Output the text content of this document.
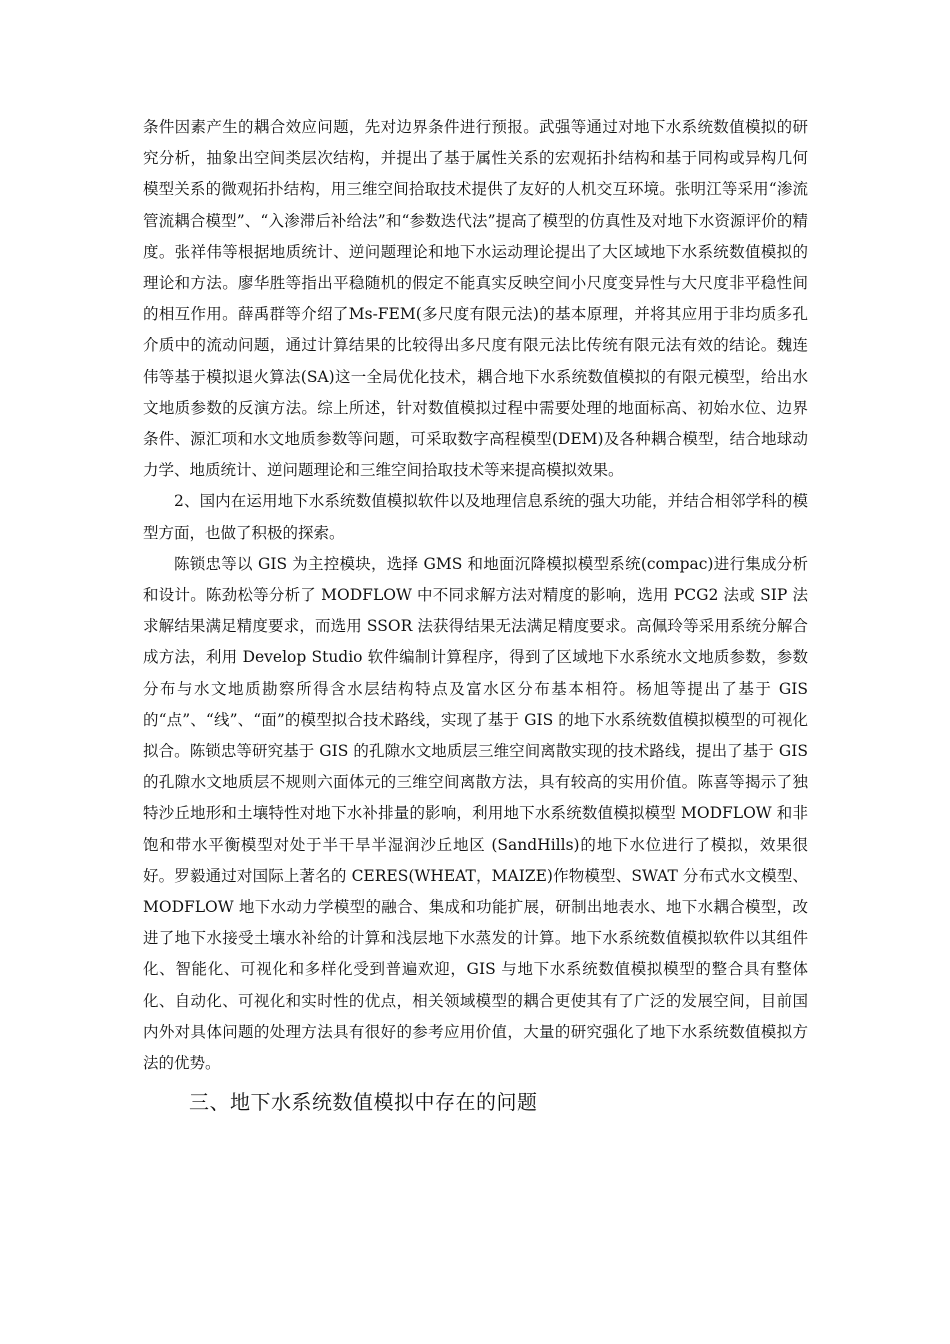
条件因素产生的耦合效应问题，先对边界条件进行预报。武强等通过对地下水系统数值模拟的研究分析，抽象出空间类层次结构，并提出了基于属性关系的宏观拓扑结构和基于同构或异构几何模型关系的微观拓扑结构，用三维空间拾取技术提供了友好的人机交互环境。张明江等采用“渗流管流耦合模型”、“入渗滞后补给法”和“参数迭代法”提高了模型的仿真性及对地下水资源评价的精度。张祥伟等根据地质统计、逆问题理论和地下水运动理论提出了大区域地下水系统数值模拟的理论和方法。廖华胜等指出平稳随机的假定不能真实反映空间小尺度变异性与大尺度非平稳性间的相互作用。薛禹群等介绍了Ms-FEM(多尺度有限元法)的基本原理，并将其应用于非均质多孔介质中的流动问题，通过计算结果的比较得出多尺度有限元法比传统有限元法有效的结论。魏连伟等基于模拟退火算法(SA)这一全局优化技术，耦合地下水系统数值模拟的有限元模型，给出水文地质参数的反演方法。综上所述，针对数值模拟过程中需要处理的地面标高、初始水位、边界条件、源汇项和水文地质参数等问题，可采取数字高程模型(DEM)及各种耦合模型，结合地球动力学、地质统计、逆问题理论和三维空间拾取技术等来提高模拟效果。

2、国内在运用地下水系统数值模拟软件以及地理信息系统的强大功能，并结合相邻学科的模型方面，也做了积极的探索。

陈锁忠等以 GIS 为主控模块，选择 GMS 和地面沉降模拟模型系统(compac)进行集成分析和设计。陈劲松等分析了 MODFLOW 中不同求解方法对精度的影响，选用 PCG2 法或 SIP 法求解结果满足精度要求，而选用 SSOR 法获得结果无法满足精度要求。高佩玲等采用系统分解合成方法，利用 Develop Studio 软件编制计算程序，得到了区域地下水系统水文地质参数，参数分布与水文地质勘察所得含水层结构特点及富水区分布基本相符。杨旭等提出了基于 GIS 的“点”、“线”、“面”的模型拟合技术路线，实现了基于 GIS 的地下水系统数值模拟模型的可视化拟合。陈锁忠等研究基于 GIS 的孔隙水文地质层三维空间离散实现的技术路线，提出了基于 GIS 的孔隙水文地质层不规则六面体元的三维空间离散方法，具有较高的实用价值。陈喜等揭示了独特沙丘地形和土壤特性对地下水补排量的影响，利用地下水系统数值模拟模型 MODFLOW 和非饱和带水平衡模型对处于半干旱半湿润沙丘地区 (SandHills)的地下水位进行了模拟，效果很好。罗毅通过对国际上著名的 CERES(WHEAT，MAIZE)作物模型、SWAT 分布式水文模型、MODFLOW 地下水动力学模型的融合、集成和功能扩展，研制出地表水、地下水耦合模型，改进了地下水接受土壤水补给的计算和浅层地下水蒸发的计算。地下水系统数值模拟软件以其组件化、智能化、可视化和多样化受到普遍欢迎，GIS 与地下水系统数值模拟模型的整合具有整体化、自动化、可视化和实时性的优点，相关领域模型的耦合更使其有了广泛的发展空间，目前国内外对具体问题的处理方法具有很好的参考应用价值，大量的研究强化了地下水系统数值模拟方法的优势。

三、地下水系统数值模拟中存在的问题
